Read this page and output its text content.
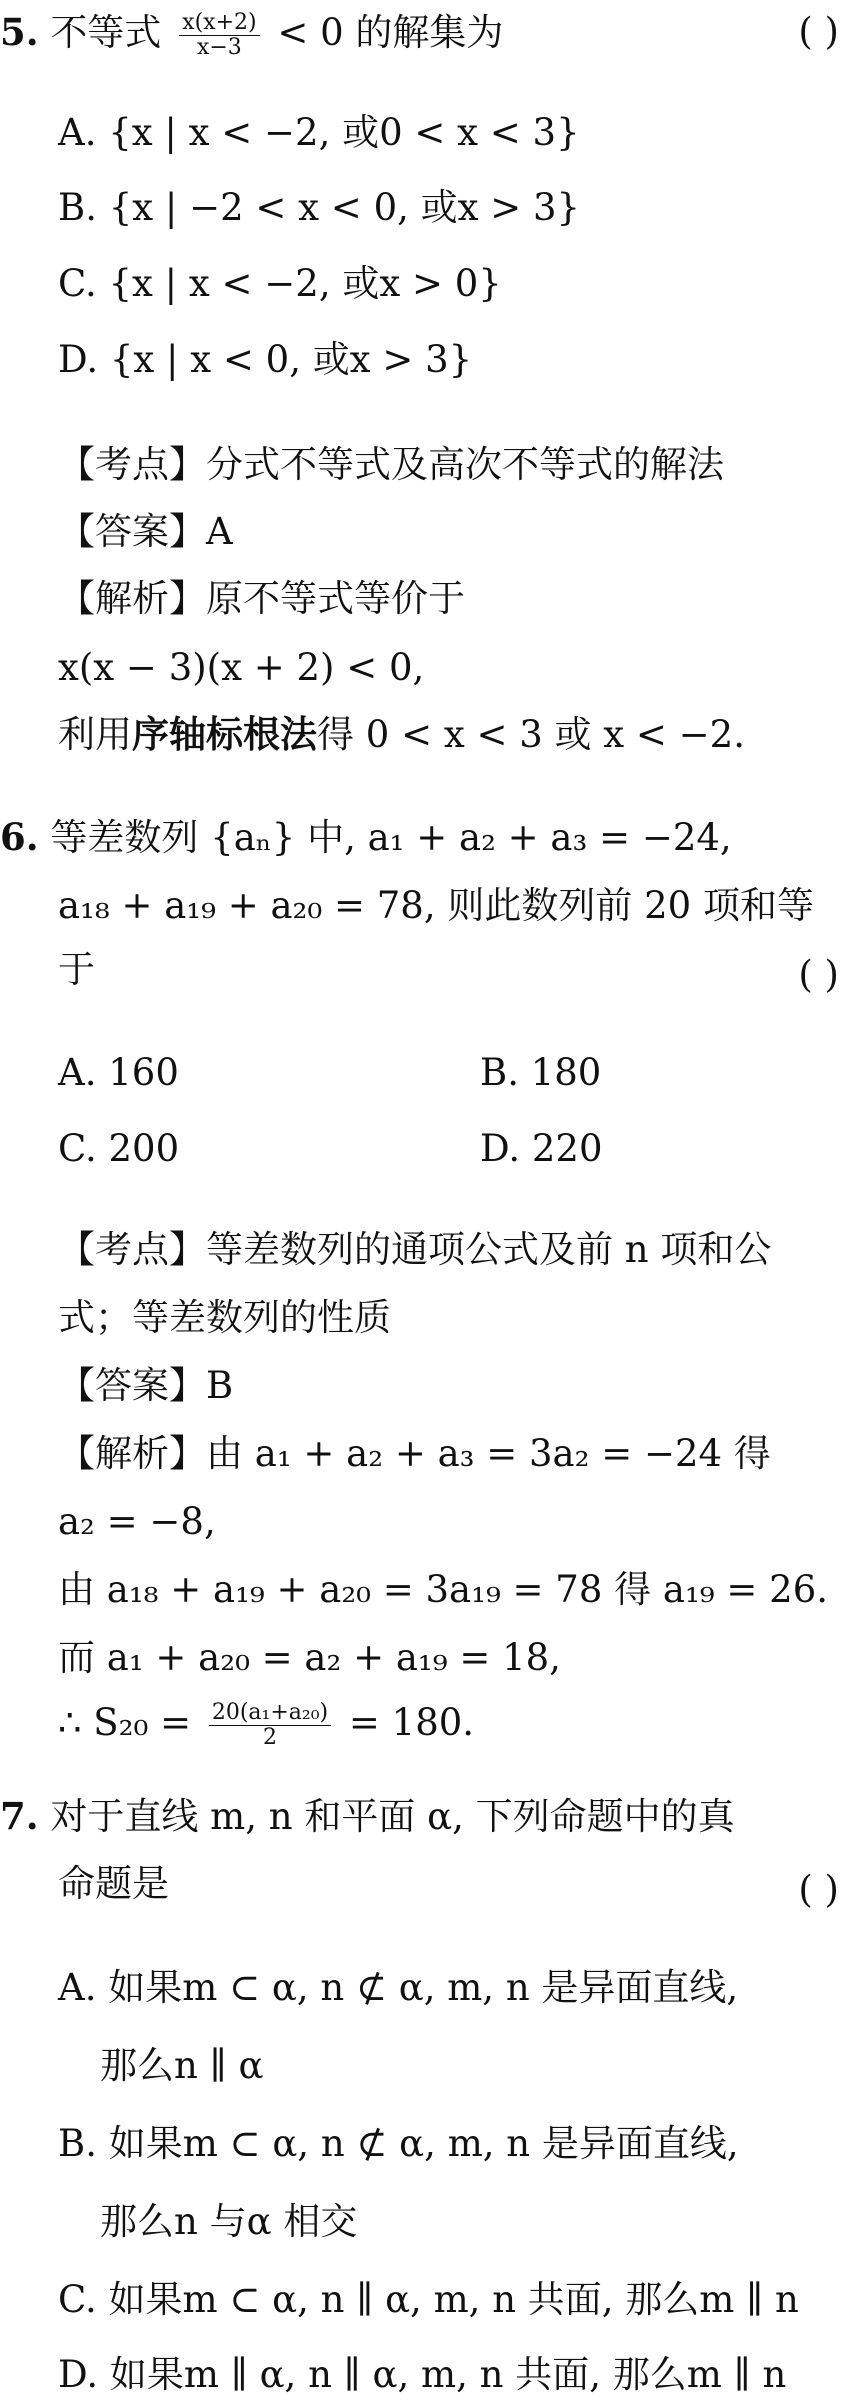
5. 不等式 $\frac{x(x+2)}{x-3} < 0$ 的解集为	( )
A. {x | x < −2, 或0 < x < 3}
B. {x | −2 < x < 0, 或x > 3}
C. {x | x < −2, 或x > 0}
D. {x | x < 0, 或x > 3}
【考点】分式不等式及高次不等式的解法
【答案】A
【解析】原不等式等价于
x(x − 3)(x + 2) < 0,
利用序轴标根法得 0 < x < 3 或 x < −2.
6. 等差数列 {aₙ} 中, a₁ + a₂ + a₃ = −24,
a₁₈ + a₁₉ + a₂₀ = 78, 则此数列前 20 项和等
于	( )
A. 160	B. 180
C. 200	D. 220
【考点】等差数列的通项公式及前 n 项和公
式；等差数列的性质
【答案】B
【解析】由 a₁ + a₂ + a₃ = 3a₂ = −24 得
a₂ = −8,
由 a₁₈ + a₁₉ + a₂₀ = 3a₁₉ = 78 得 a₁₉ = 26.
而 a₁ + a₂₀ = a₂ + a₁₉ = 18,
∴ $S_{20} = \frac{\text{20(a₁+a₂₀)}}{2} = 180$.
7. 对于直线 m, n 和平面 α, 下列命题中的真
命题是	( )
A. 如果m ⊂ α, n ⊄ α, m, n 是异面直线,
那么n ∥ α
B. 如果m ⊂ α, n ⊄ α, m, n 是异面直线,
那么n 与α 相交
C. 如果m ⊂ α, n ∥ α, m, n 共面, 那么m ∥ n
D. 如果m ∥ α, n ∥ α, m, n 共面, 那么m ∥ n
